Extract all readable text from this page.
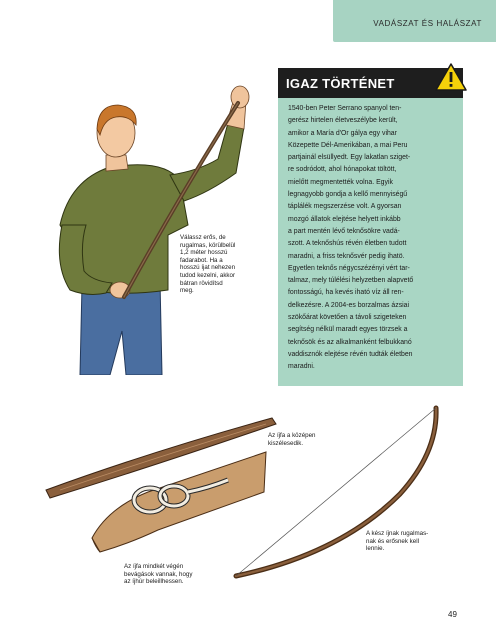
VADÁSZAT ÉS HALÁSZAT
Válassz erős, de
rugalmas, körülbelül
1,2 méter hosszú
fadarabot. Ha a
hosszú íjat nehezen
tudod kezelni, akkor
bátran rövidítsd
meg.
IGAZ TÖRTÉNET

1540-ben Peter Serrano spanyol ten-

gerész hirtelen életveszélybe került,

amikor a María d'Or gálya egy vihar

Közepette Dél-Amerikában, a mai Peru

partjainál elsüllyedt. Egy lakatlan sziget-

re sodródott, ahol hónapokat töltött,

mielőtt megmentették volna. Egyik

legnagyobb gondja a kellő mennyiségű

táplálék megszerzése volt. A gyorsan

mozgó állatok elejtése helyett inkább

a part mentén lévő teknősökre vadá-

szott. A teknőshús révén életben tudott

maradni, a friss teknősvér pedig ihatö.

Egyetlen teknős négycszézényi vért tar-

talmaz, mely túlélési helyzetben alapvető

fontosságú, ha kevés iható víz áll ren-

delkezésre. A 2004-es borzalmas ázsiai

szökőárat követően a távoli szigeteken

segítség nélkül maradt egyes törzsek a

teknősök és az alkalmanként felbukkanó

vaddisznók elejtése révén tudták életben

maradni.

Az íjfa a középen
kiszélesedik.
Az íjfa mindkét végén
bevágások vannak, hogy
az íjhúr beleillhessen.
A kész íjnak rugalmas-
nak és erősnek kell
lennie.
49
